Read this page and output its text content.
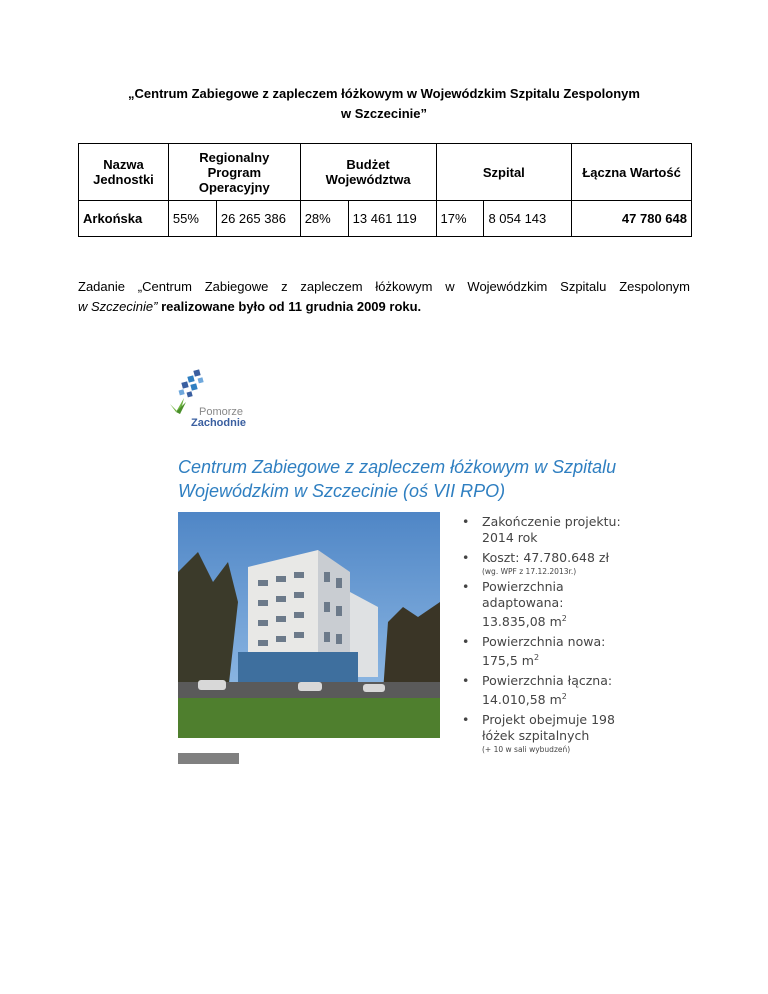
„Centrum Zabiegowe z zapleczem łóżkowym w Wojewódzkim Szpitalu Zespolonym
w Szczecinie”
Nazwa Jednostki	Regionalny Program Operacyjny		Budżet Województwa		Szpital		Łączna Wartość
Arkońska	55%	26 265 386	28%	13 461 119	17%	8 054 143	47 780 648
Zadanie „Centrum Zabiegowe z zapleczem łóżkowym w Wojewódzkim Szpitalu Zespolonym
w Szczecinie” realizowane było od 11 grudnia 2009 roku.
Pomorze
Zachodnie
Centrum Zabiegowe z zapleczem łóżkowym w Szpitalu
Wojewódzkim w Szczecinie (oś VII RPO)
• Zakończenie projektu:
2014 rok
• Koszt: 47.780.648 zł
(wg. WPF z 17.12.2013r.)
• Powierzchnia
adaptowana:
13.835,08 $m^2$
• Powierzchnia nowa:
175,5 $m^2$
• Powierzchnia łączna:
14.010,58 $m^2$
• Projekt obejmuje 198
łóżek szpitalnych
(+ 10 w sali wybudzeń)
